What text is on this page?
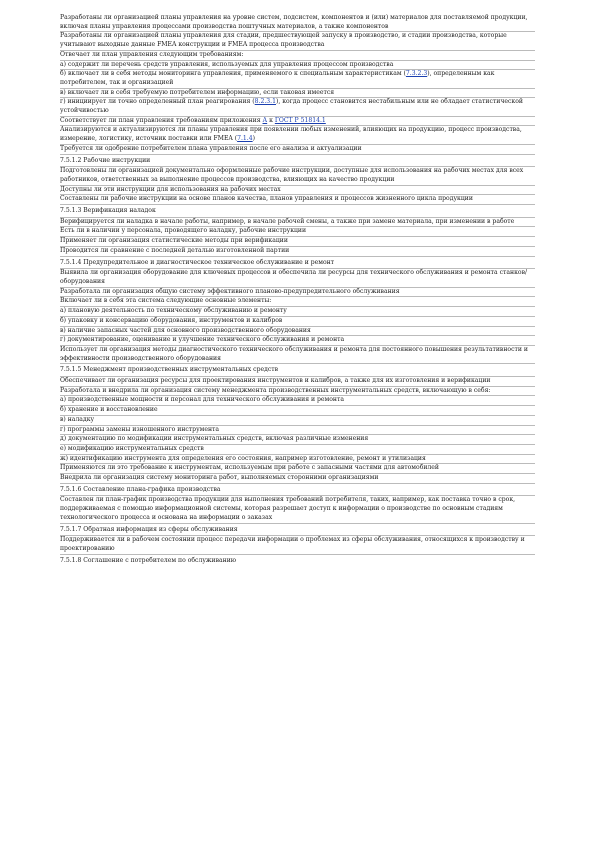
Разработаны ли организацией планы управления на уровне систем, подсистем, компонентов и (или) материалов для поставляемой продукции, включая планы управления процессами производства поштучных материалов, а также компонентов
Разработаны ли организацией планы управления для стадии, предшествующей запуску в производство, и стадии производства, которые учитывают выходные данные FMEA конструкции и FMEA процесса производства
Отвечает ли план управления следующим требованиям:
а) содержит ли перечень средств управления, используемых для управления процессом производства
б) включает ли в себя методы мониторинга управления, применяемого к специальным характеристикам (7.3.2.3), определенным как потребителем, так и организацией
в) включает ли в себя требуемую потребителем информацию, если таковая имеется
г) инициирует ли точно определенный план реагирования (8.2.3.1), когда процесс становится нестабильным или не обладает статистической устойчивостью
Соответствует ли план управления требованиям приложения А к ГОСТ Р 51814.1
Анализируются и актуализируются ли планы управления при появлении любых изменений, влияющих на продукцию, процесс производства, измерение, логистику, источник поставки или FMEA (7.1.4)
Требуется ли одобрение потребителем плана управления после его анализа и актуализации
7.5.1.2 Рабочие инструкции
Подготовлены ли организацией документально оформленные рабочие инструкции, доступные для использования на рабочих местах для всех работников, ответственных за выполнение процессов производства, влияющих на качество продукции
Доступны ли эти инструкции для использования на рабочих местах
Составлены ли рабочие инструкции на основе планов качества, планов управления и процессов жизненного цикла продукции
7.5.1.3 Верификация наладок
Верифицируется ли наладка в начале работы, например, в начале рабочей смены, а также при замене материала, при изменении в работе
Есть ли в наличии у персонала, проводящего наладку, рабочие инструкции
Применяет ли организация статистические методы при верификации
Проводится ли сравнение с последней деталью изготовленной партии
7.5.1.4 Предупредительное и диагностическое техническое обслуживание и ремонт
Выявила ли организация оборудование для ключевых процессов и обеспечила ли ресурсы для технического обслуживания и ремонта станков/оборудования
Разработала ли организация общую систему эффективного планово-предупредительного обслуживания
Включает ли в себя эта система следующие основные элементы:
а) плановую деятельность по техническому обслуживанию и ремонту
б) упаковку и консервацию оборудования, инструментов и калибров
в) наличие запасных частей для основного производственного оборудования
г) документирование, оценивание и улучшение технического обслуживания и ремонта
Использует ли организация методы диагностического технического обслуживания и ремонта для постоянного повышения результативности и эффективности производственного оборудования
7.5.1.5 Менеджмент производственных инструментальных средств
Обеспечивает ли организация ресурсы для проектирования инструментов и калибров, а также для их изготовления и верификации
Разработала и внедрила ли организация систему менеджмента производственных инструментальных средств, включающую в себя:
а) производственные мощности и персонал для технического обслуживания и ремонта
б) хранение и восстановление
в) наладку
г) программы замены изношенного инструмента
д) документацию по модификации инструментальных средств, включая различные изменения
е) модификацию инструментальных средств
ж) идентификацию инструмента для определения его состояния, например изготовление, ремонт и утилизация
Применяются ли это требование к инструментам, используемым при работе с запасными частями для автомобилей
Внедрила ли организация систему мониторинга работ, выполняемых сторонними организациями
7.5.1.6 Составление плана-графика производства
Составлен ли план-график производства продукции для выполнения требований потребителя, таких, например, как поставка точно в срок, поддерживаемая с помощью информационной системы, которая разрешает доступ к информации о производстве по основным стадиям технологического процесса и основана на информации о заказах
7.5.1.7 Обратная информация из сферы обслуживания
Поддерживается ли в рабочем состоянии процесс передачи информации о проблемах из сферы обслуживания, относящихся к производству и проектированию
7.5.1.8 Соглашение с потребителем по обслуживанию
